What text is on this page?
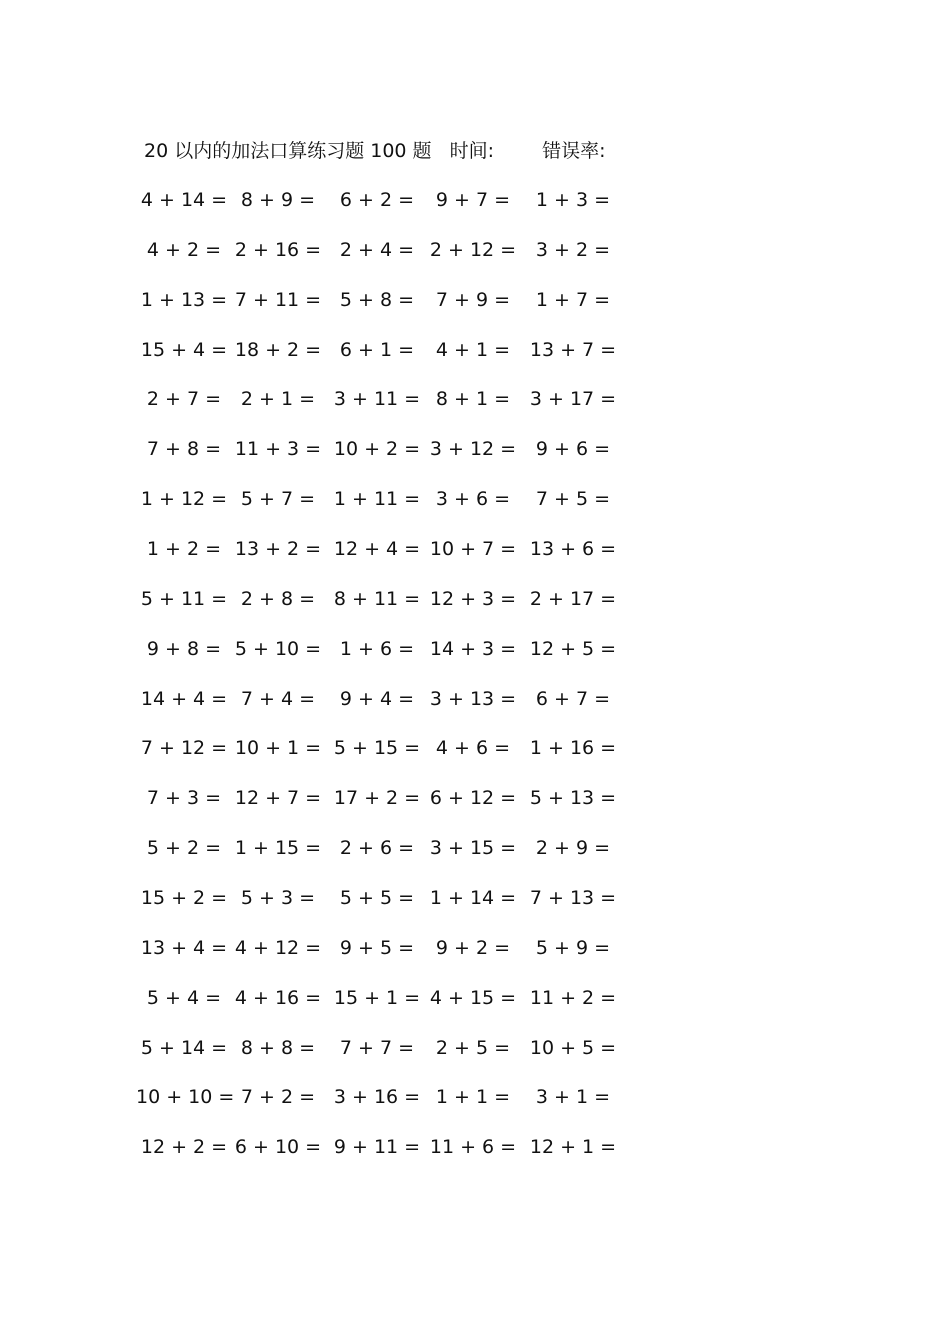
20 以内的加法口算练习题 100 题 时间:	错误率:
4 + 14 = 8 + 9 =	6 + 2 =	9 + 7 =	1 + 3 =
4 + 2 = 2 + 16 = 2 + 4 = 2 + 12 =	3 + 2 =
1 + 13 = 7 + 11 = 5 + 8 =	7 + 9 =	1 + 7 =
15 + 4 = 18 + 2 = 6 + 1 =	4 + 1 =	13 + 7 =
2 + 7 =	2 + 1 = 3 + 11 = 8 + 1 =	3 + 17 =
7 + 8 = 11 + 3 = 10 + 2 = 3 + 12 =	9 + 6 =
1 + 12 = 5 + 7 = 1 + 11 = 3 + 6 =	7 + 5 =
1 + 2 = 13 + 2 = 12 + 4 = 10 + 7 = 13 + 6 =
5 + 11 = 2 + 8 = 8 + 11 = 12 + 3 = 2 + 17 =
9 + 8 = 5 + 10 = 1 + 6 = 14 + 3 = 12 + 5 =
14 + 4 = 7 + 4 =	9 + 4 = 3 + 13 =	6 + 7 =
7 + 12 = 10 + 1 = 5 + 15 = 4 + 6 =	1 + 16 =
7 + 3 = 12 + 7 = 17 + 2 = 6 + 12 = 5 + 13 =
5 + 2 = 1 + 15 = 2 + 6 = 3 + 15 =	2 + 9 =
15 + 2 = 5 + 3 =	5 + 5 = 1 + 14 = 7 + 13 =
13 + 4 = 4 + 12 = 9 + 5 =	9 + 2 =	5 + 9 =
5 + 4 = 4 + 16 = 15 + 1 = 4 + 15 = 11 + 2 =
5 + 14 = 8 + 8 =	7 + 7 =	2 + 5 =	10 + 5 =
10 + 10 = 7 + 2 = 3 + 16 = 1 + 1 =	3 + 1 =
12 + 2 = 6 + 10 = 9 + 11 = 11 + 6 = 12 + 1 =
